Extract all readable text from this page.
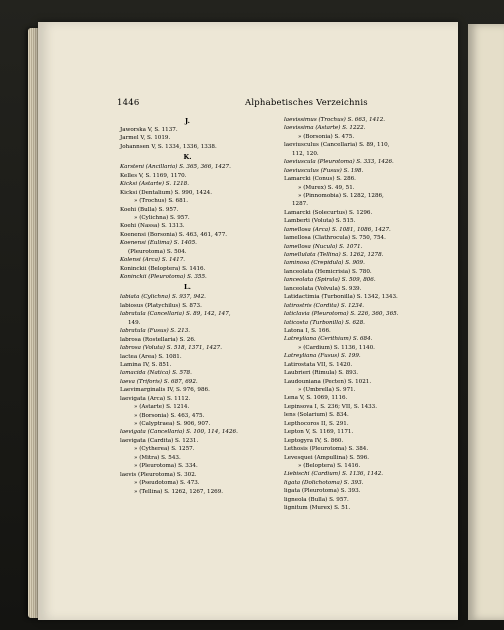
1446	Alphabetisches Verzeichnis
J.
Jaworska V, S. 1137.
Jarmel V, S. 1019.
Johannsen V, S. 1334, 1336, 1338.
K.
Karsteni (Ancillaria) S. 365, 366, 1427.
Kelles V, S. 1169, 1170.
Kicksi (Astarte) S. 1218.
Kicksi (Dentalium) S. 990, 1424.
» (Trochus) S. 681.
Koehi (Bulla) S. 957.
» (Cylichna) S. 957.
Koehi (Nassa) S. 1313.
Koenensi (Borsonia) S. 463, 461, 477.
Koenensi (Eulima) S. 1405.
(Pleurotoma) S. 504.
Kolensi (Arca) S. 1417.
Koninckii (Beloptera) S. 1416.
Koninckii (Pleurotoma) S. 355.
L.
labiata (Cylichna) S. 937, 942.
labiosus (Platychilus) S. 873.
labratula (Cancellaria) S. 89, 142, 147,
149.
labratula (Fusus) S. 213.
labrosa (Rostellaria) S. 26.
labrosa (Voluta) S. 518, 1371, 1427.
lactea (Area) S. 1081.
Lamina IV, S. 851.
lamacida (Natica) S. 578.
laeva (Triforis) S. 687, 692.
Laevimarginalis IV, S. 976, 986.
laevigata (Arca) S. 1112.
» (Astarte) S. 1214.
» (Borsonia) S. 463, 475.
» (Calyptraea) S. 906, 907.
laevigata (Cancellaria) S. 100, 114, 1426.
laevigata (Cardita) S. 1231.
» (Cytherea) S. 1257.
» (Mitra) S. 543.
» (Pleurotoma) S. 334.
laevis (Pleurotoma) S. 302.
» (Pseudotoma) S. 473.
» (Tellina) S. 1262, 1267, 1269.
laevissimus (Trochus) S. 663, 1412.
laevissima (Astarte) S. 1222.
» (Borsonia) S. 475.
laeviusculus (Cancellaria) S. 89, 110,
112, 120.
laeviuscula (Pleurotoma) S. 333, 1426.
laeviusculus (Fusus) S. 198.
Lamarcki (Conus) S. 286.
» (Murex) S. 49, 51.
» (Pinnomobia) S. 1282, 1286,
1287.
Lamarcki (Solecurtus) S. 1296.
Lamberti (Voluta) S. 515.
lamellosa (Arca) S. 1081, 1086, 1427.
lamellosa (Clathrocula) S. 750, 754.
lamellosa (Nucula) S. 1071.
lamellulata (Tellina) S. 1262, 1278.
laminosa (Crepidula) S. 909.
lanceolata (Hemicrisia) S. 780.
lanceolata (Spirula) S. 509, 806.
lanceolata (Volvula) S. 939.
Latidactimia (Turbonilla) S. 1342, 1343.
latirostris (Cordita) S. 1234.
laticlavia (Pleurotoma) S. 226, 360, 365.
laticosta (Turbonilla) S. 628.
Latona I, S. 166.
Latreyliana (Cerithium) S. 684.
» (Cardium) S. 1136, 1140.
Latreyliana (Fusus) S. 199.
Latirostata VII, S. 1420.
Laubrieri (Rimula) S. 893.
Laudouniana (Pecten) S. 1021.
» (Umbrella) S. 971.
Lena V, S. 1069, 1116.
Lepinsova I, S. 236; VII, S. 1433.
lens (Solarium) S. 834.
Lepthocoros II, S. 291.
Lepton V, S. 1169, 1171.
Leptogyra IV, S. 860.
Lethosis (Pleurotoma) S. 384.
Levesquei (Ampullina) S. 596.
» (Beloptera) S. 1416.
Liebischi (Cardium) S. 1136, 1142.
ligata (Dolichotoma) S. 393.
ligata (Pleurotoma) S. 393.
ligneola (Bulla) S. 957.
lignitum (Murex) S. 51.
